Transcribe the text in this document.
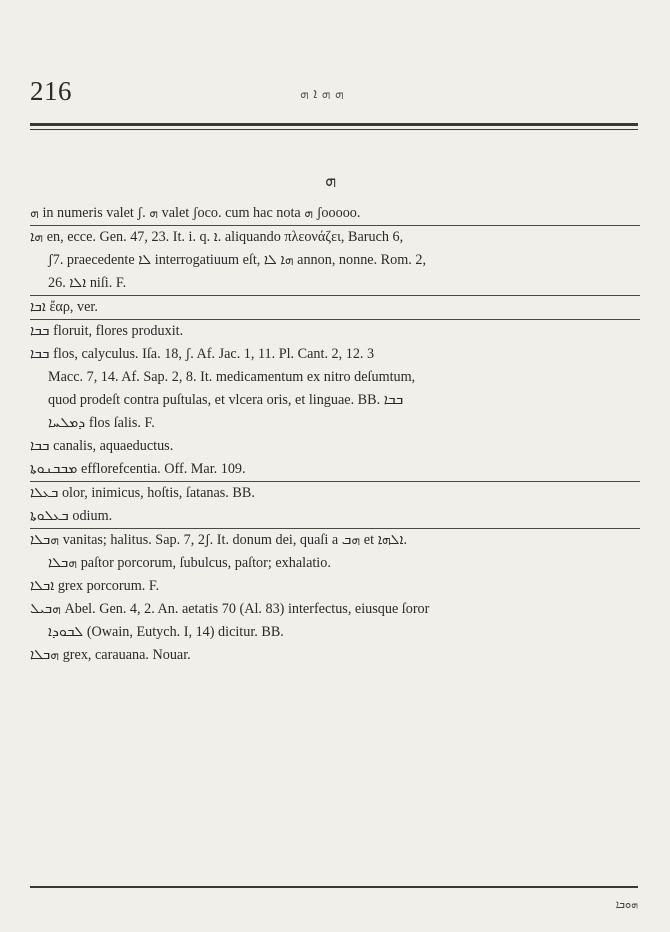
216	ܗ ܗ ܐ ܗ
ܗ

ܗ in numeris valet ʃ. ܗ valet ʃoco. cum hac nota ܗ ʃooooo.

ܗܐ en, ecce. Gen. 47, 23. It. i. q. ܐ. aliquando πλεονάζει, Baruch 6,
ʃ7. praecedente ܠܐ interrogatiuum eſt, ܗܐ ܠܐ annon, nonne. Rom. 2,
26. ܐܠܐ niſi. F.

ܐܒܐ ἔαρ, ver.

ܒܒܐ floruit, flores produxit.

ܒܒܐ flos, calyculus. Iſa. 18, ʃ. Af. Jac. 1, 11. Pl. Cant. 2, 12. 3
Macc. 7, 14. Af. Sap. 2, 8. It. medicamentum ex nitro deſumtum,
quod prodeſt contra puſtulas, et vlcera oris, et linguae. BB. ܒܒܐ
ܕܡܠܚܐ flos ſalis. F.

ܒܒܐ canalis, aquaeductus.

ܡܒܒܢܘܬܐ efflorefcentia. Off. Mar. 109.

ܒܥܠܐ olor, inimicus, hoſtis, ſatanas. BB.

ܒܥܠܘܬܐ odium.

ܗܒܠܐ vanitas; halitus. Sap. 7, 2ʃ. It. donum dei, quaſi a ܗܒ et ܐܠܗܐ.
ܗܒܠܐ paſtor porcorum, ſubulcus, paſtor; exhalatio.

ܐܒܠܐ grex porcorum. F.

ܗܒܝܠ Abel. Gen. 4, 2. An. aetatis 70 (Al. 83) interfectus, eiusque ſoror
ܠܒܘܕܐ (Owain, Eutych. I, 14) dicitur. BB.

ܗܒܠܐ grex, carauana. Nouar.

ܗܘܒܐ
